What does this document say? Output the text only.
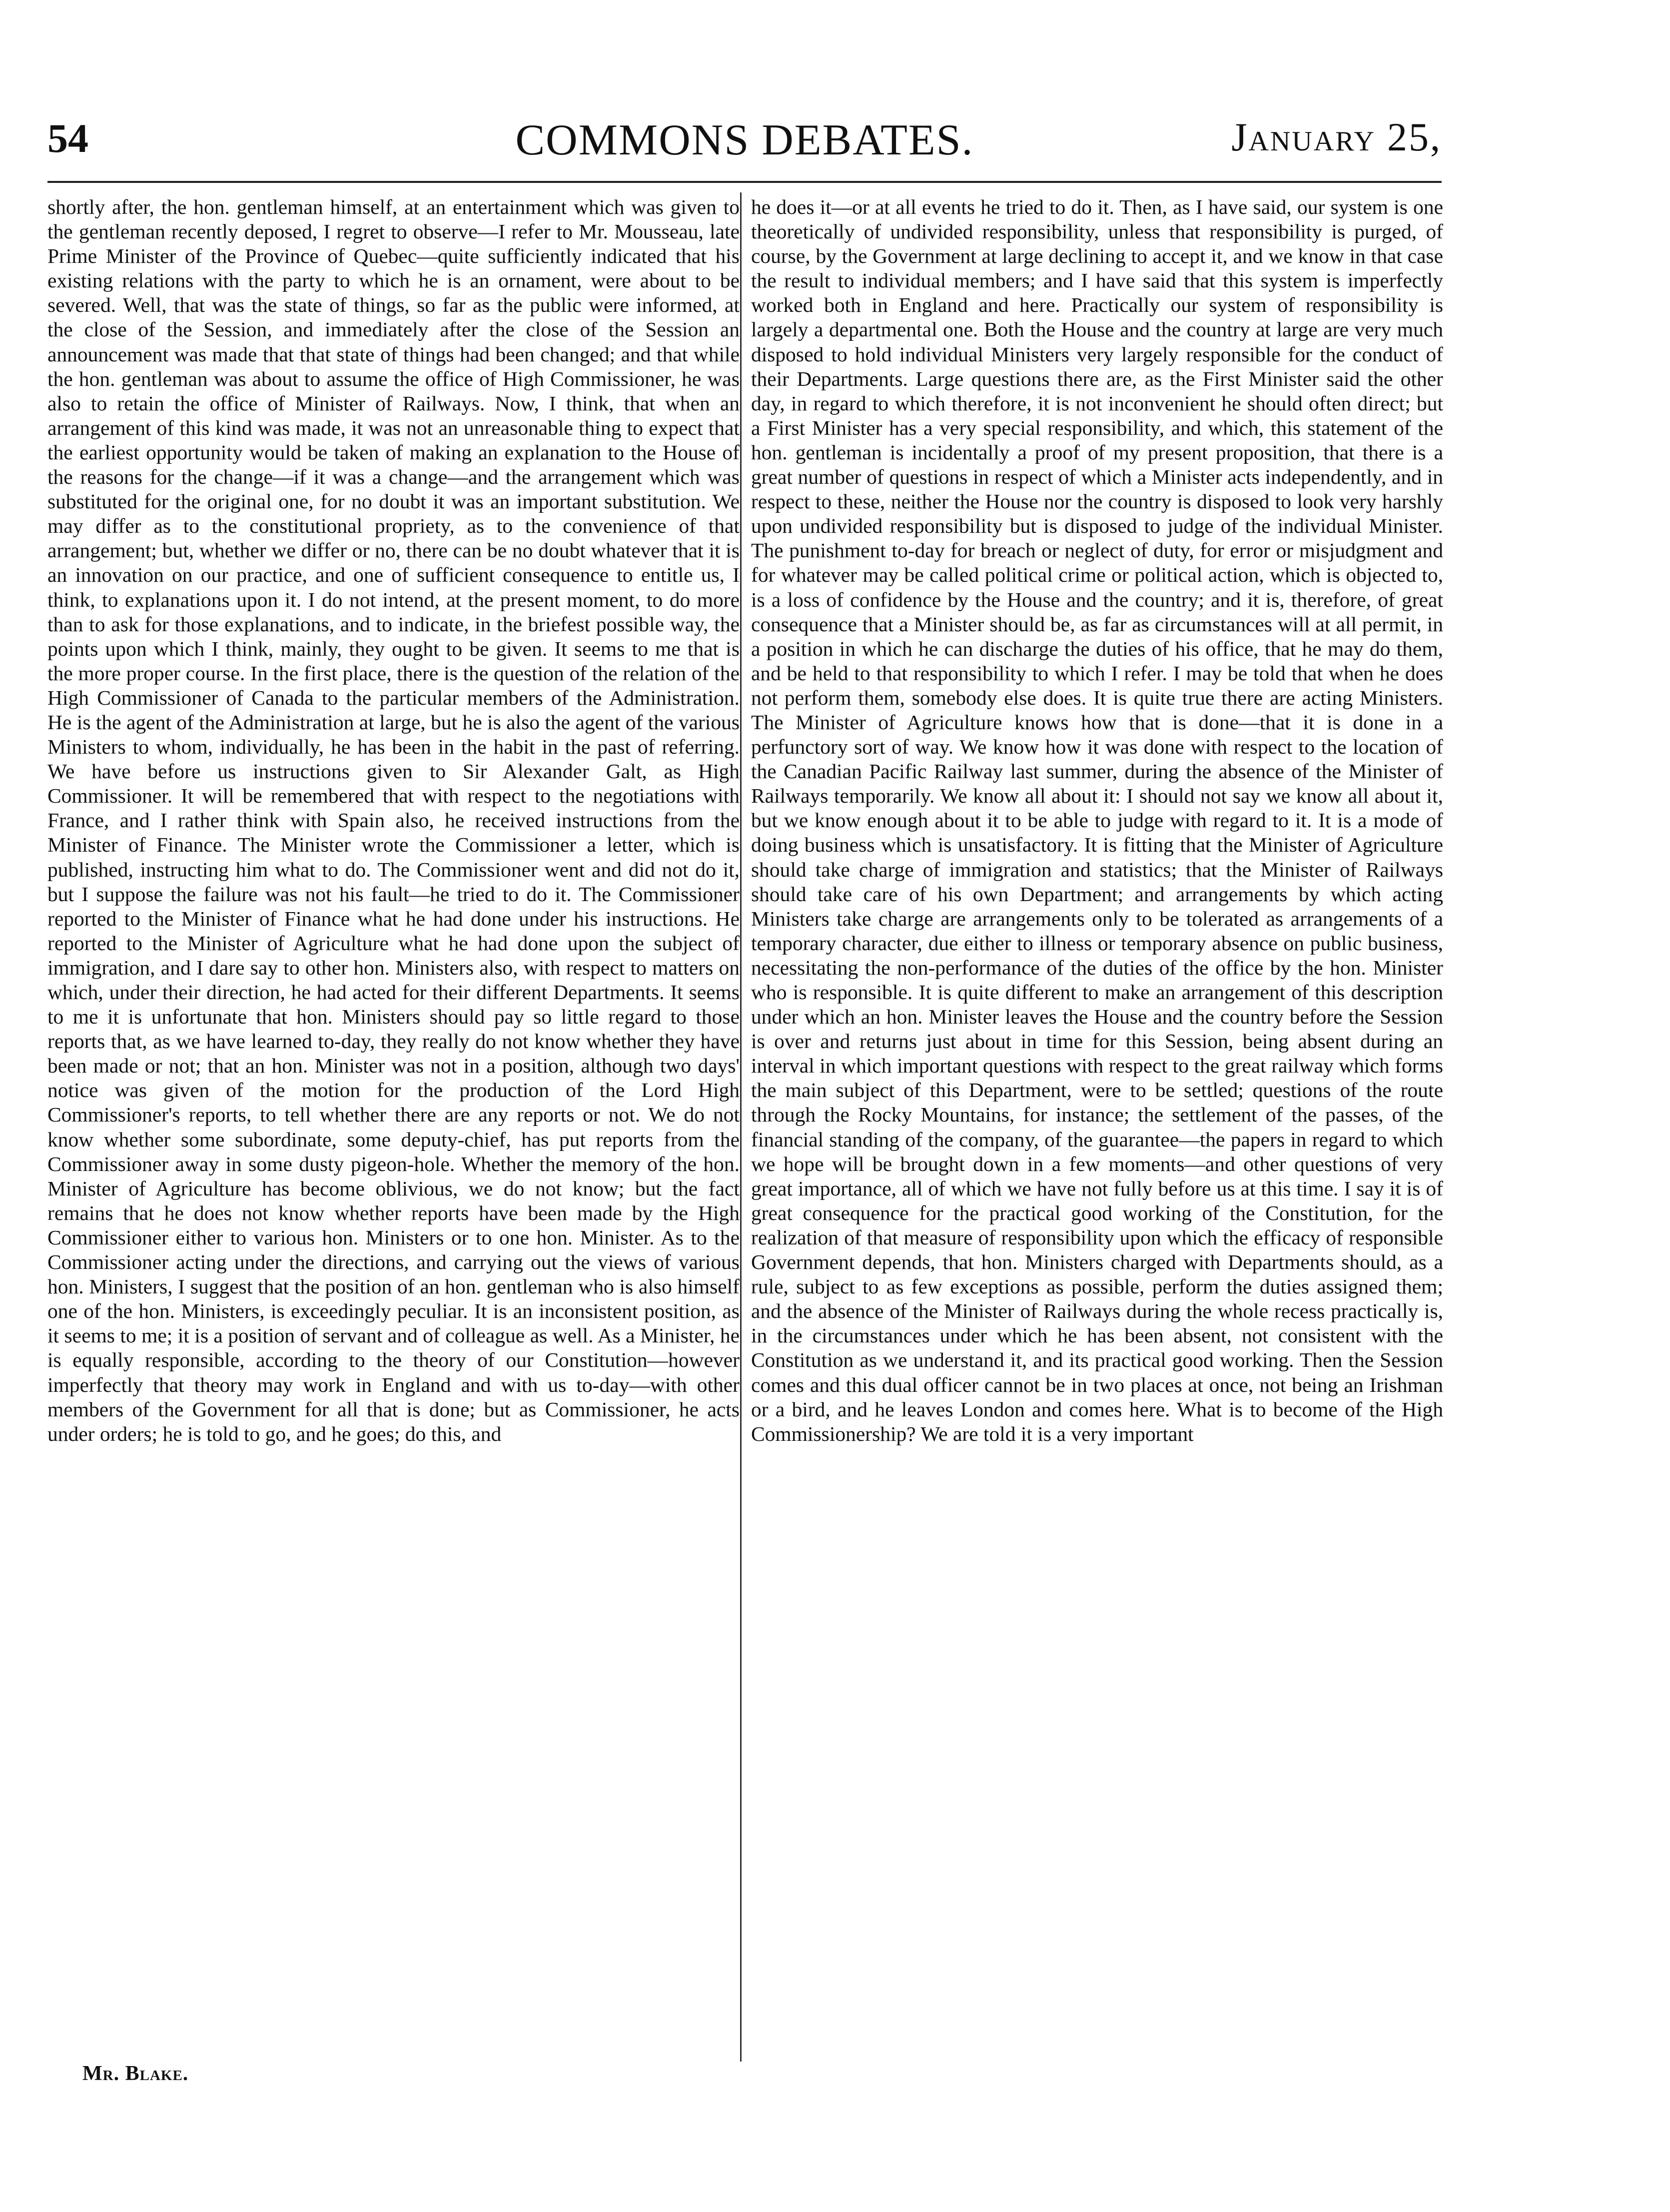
54	COMMONS DEBATES.	January 25,

shortly after, the hon. gentleman himself, at an entertainment which was given to the gentleman recently deposed, I regret to observe—I refer to Mr. Mousseau, late Prime Minister of the Province of Quebec—quite sufficiently indicated that his existing relations with the party to which he is an ornament, were about to be severed. Well, that was the state of things, so far as the public were informed, at the close of the Session, and immediately after the close of the Session an announcement was made that that state of things had been changed; and that while the hon. gentleman was about to assume the office of High Commissioner, he was also to retain the office of Minister of Railways. Now, I think, that when an arrangement of this kind was made, it was not an unreasonable thing to expect that the earliest opportunity would be taken of making an explanation to the House of the reasons for the change—if it was a change—and the arrangement which was substituted for the original one, for no doubt it was an important substitution. We may differ as to the constitutional propriety, as to the convenience of that arrangement; but, whether we differ or no, there can be no doubt whatever that it is an innovation on our practice, and one of sufficient consequence to entitle us, I think, to explanations upon it. I do not intend, at the present moment, to do more than to ask for those explanations, and to indicate, in the briefest possible way, the points upon which I think, mainly, they ought to be given. It seems to me that is the more proper course. In the first place, there is the question of the relation of the High Commissioner of Canada to the particular members of the Administration. He is the agent of the Administration at large, but he is also the agent of the various Ministers to whom, individually, he has been in the habit in the past of referring. We have before us instructions given to Sir Alexander Galt, as High Commissioner. It will be remembered that with respect to the negotiations with France, and I rather think with Spain also, he received instructions from the Minister of Finance. The Minister wrote the Commissioner a letter, which is published, instructing him what to do. The Commissioner went and did not do it, but I suppose the failure was not his fault—he tried to do it. The Commissioner reported to the Minister of Finance what he had done under his instructions. He reported to the Minister of Agriculture what he had done upon the subject of immigration, and I dare say to other hon. Ministers also, with respect to matters on which, under their direction, he had acted for their different Departments. It seems to me it is unfortunate that hon. Ministers should pay so little regard to those reports that, as we have learned to-day, they really do not know whether they have been made or not; that an hon. Minister was not in a position, although two days' notice was given of the motion for the production of the Lord High Commissioner's reports, to tell whether there are any reports or not. We do not know whether some subordinate, some deputy-chief, has put reports from the Commissioner away in some dusty pigeon-hole. Whether the memory of the hon. Minister of Agriculture has become oblivious, we do not know; but the fact remains that he does not know whether reports have been made by the High Commissioner either to various hon. Ministers or to one hon. Minister. As to the Commissioner acting under the directions, and carrying out the views of various hon. Ministers, I suggest that the position of an hon. gentleman who is also himself one of the hon. Ministers, is exceedingly peculiar. It is an inconsistent position, as it seems to me; it is a position of servant and of colleague as well. As a Minister, he is equally responsible, according to the theory of our Constitution—however imperfectly that theory may work in England and with us to-day—with other members of the Government for all that is done; but as Commissioner, he acts under orders; he is told to go, and he goes; do this, and

he does it—or at all events he tried to do it. Then, as I have said, our system is one theoretically of undivided responsibility, unless that responsibility is purged, of course, by the Government at large declining to accept it, and we know in that case the result to individual members; and I have said that this system is imperfectly worked both in England and here. Practically our system of responsibility is largely a departmental one. Both the House and the country at large are very much disposed to hold individual Ministers very largely responsible for the conduct of their Departments. Large questions there are, as the First Minister said the other day, in regard to which therefore, it is not inconvenient he should often direct; but a First Minister has a very special responsibility, and which, this statement of the hon. gentleman is incidentally a proof of my present proposition, that there is a great number of questions in respect of which a Minister acts independently, and in respect to these, neither the House nor the country is disposed to look very harshly upon undivided responsibility but is disposed to judge of the individual Minister. The punishment to-day for breach or neglect of duty, for error or misjudgment and for whatever may be called political crime or political action, which is objected to, is a loss of confidence by the House and the country; and it is, therefore, of great consequence that a Minister should be, as far as circumstances will at all permit, in a position in which he can discharge the duties of his office, that he may do them, and be held to that responsibility to which I refer. I may be told that when he does not perform them, somebody else does. It is quite true there are acting Ministers. The Minister of Agriculture knows how that is done—that it is done in a perfunctory sort of way. We know how it was done with respect to the location of the Canadian Pacific Railway last summer, during the absence of the Minister of Railways temporarily. We know all about it: I should not say we know all about it, but we know enough about it to be able to judge with regard to it. It is a mode of doing business which is unsatisfactory. It is fitting that the Minister of Agriculture should take charge of immigration and statistics; that the Minister of Railways should take care of his own Department; and arrangements by which acting Ministers take charge are arrangements only to be tolerated as arrangements of a temporary character, due either to illness or temporary absence on public business, necessitating the non-performance of the duties of the office by the hon. Minister who is responsible. It is quite different to make an arrangement of this description under which an hon. Minister leaves the House and the country before the Session is over and returns just about in time for this Session, being absent during an interval in which important questions with respect to the great railway which forms the main subject of this Department, were to be settled; questions of the route through the Rocky Mountains, for instance; the settlement of the passes, of the financial standing of the company, of the guarantee—the papers in regard to which we hope will be brought down in a few moments—and other questions of very great importance, all of which we have not fully before us at this time. I say it is of great consequence for the practical good working of the Constitution, for the realization of that measure of responsibility upon which the efficacy of responsible Government depends, that hon. Ministers charged with Departments should, as a rule, subject to as few exceptions as possible, perform the duties assigned them; and the absence of the Minister of Railways during the whole recess practically is, in the circumstances under which he has been absent, not consistent with the Constitution as we understand it, and its practical good working. Then the Session comes and this dual officer cannot be in two places at once, not being an Irishman or a bird, and he leaves London and comes here. What is to become of the High Commissionership? We are told it is a very important

Mr. Blake.
